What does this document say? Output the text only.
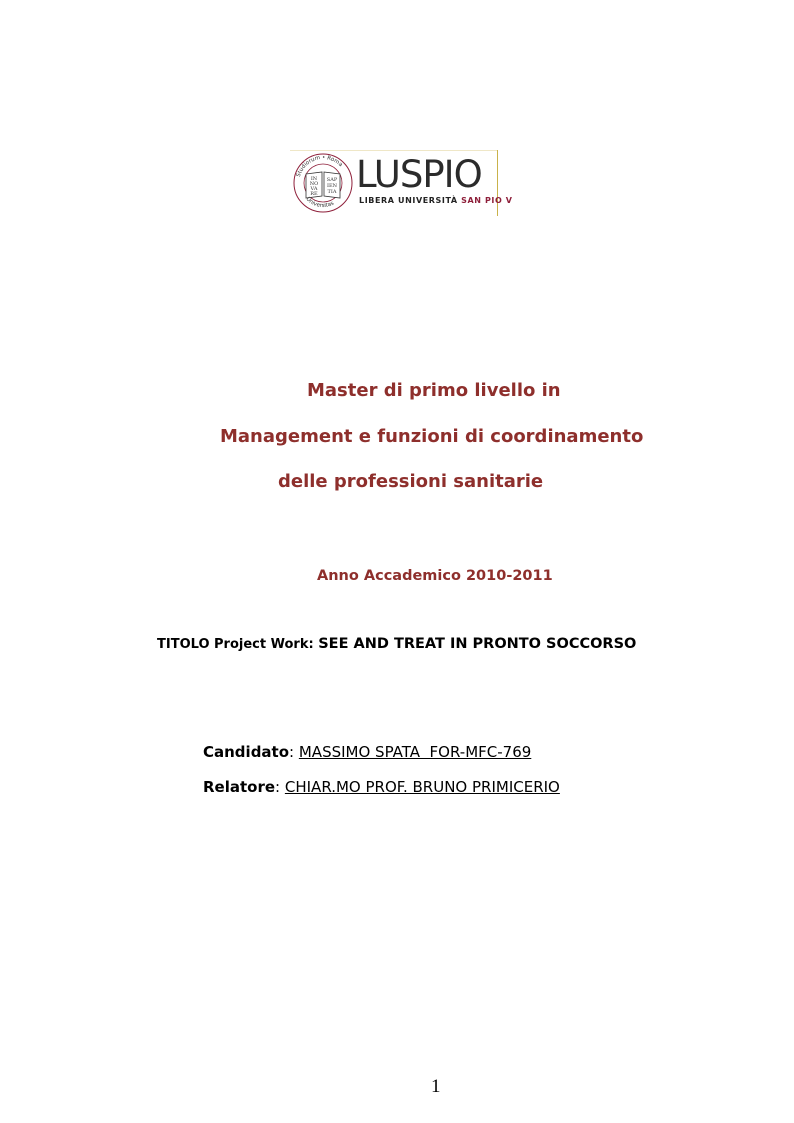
IN
NO
VA
RE
SAP
IEN
TIA
Studiorum • Roma
Universitas
LUSPIO
LIBERA UNIVERSITÀ SAN PIO V
Master di primo livello in
Management e funzioni di coordinamento
delle professioni sanitarie
Anno Accademico 2010-2011
TITOLO Project Work: SEE AND TREAT IN PRONTO SOCCORSO
Candidato: MASSIMO SPATA  FOR-MFC-769
Relatore: CHIAR.MO PROF. BRUNO PRIMICERIO
1
